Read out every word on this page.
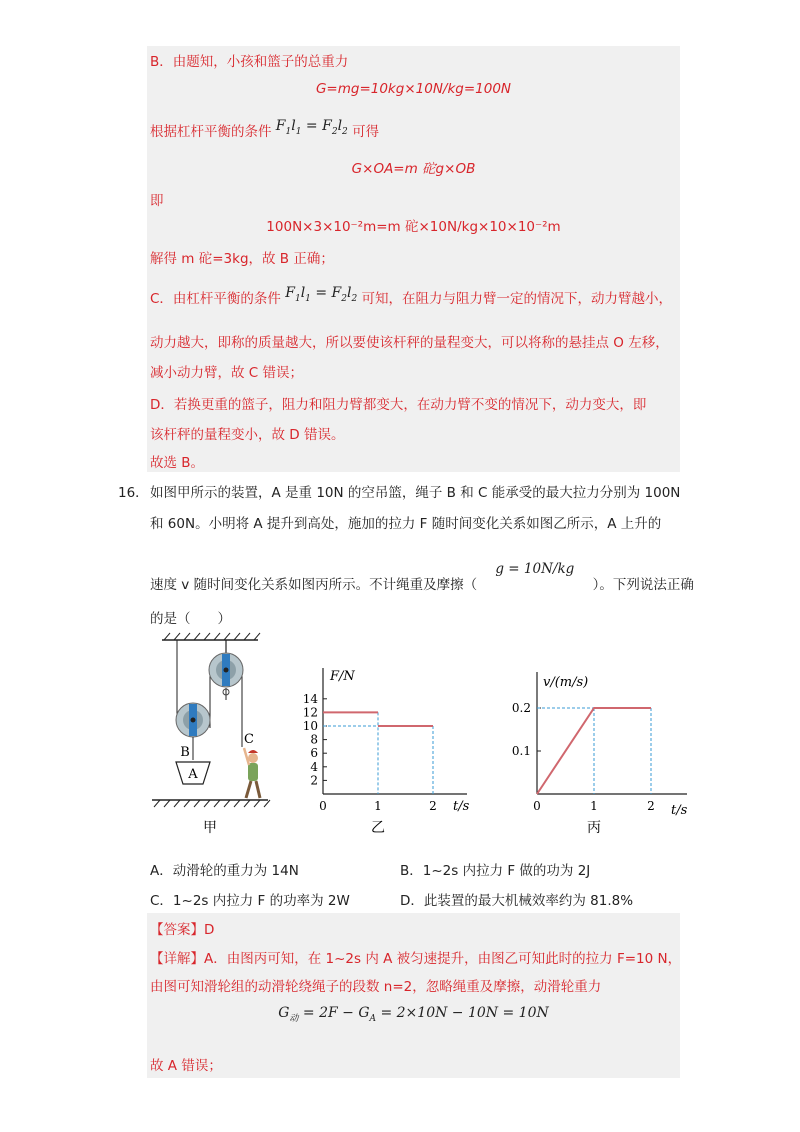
B．由题知，小孩和篮子的总重力
G=mg=10kg×10N/kg=100N
根据杠杆平衡的条件 $F_1l_1 = F_2l_2$ 可得
G×OA=m 砣g×OB
即
100N×3×10⁻²m=m 砣×10N/kg×10×10⁻²m
解得 m 砣=3kg，故 B 正确；
C．由杠杆平衡的条件 $F_1l_1 = F_2l_2$ 可知，在阻力与阻力臂一定的情况下，动力臂越小，
动力越大，即称的质量越大，所以要使该杆秤的量程变大，可以将称的悬挂点 O 左移，
减小动力臂，故 C 错误；
D．若换更重的篮子，阻力和阻力臂都变大，在动力臂不变的情况下，动力变大，即
该杆秤的量程变小，故 D 错误。
故选 B。
16． 如图甲所示的装置，A 是重 10N 的空吊篮，绳子 B 和 C 能承受的最大拉力分别为 100N
和 60N。小明将 A 提升到高处，施加的拉力 F 随时间变化关系如图乙所示，A 上升的
速度 v 随时间变化关系如图丙所示。不计绳重及摩擦（ g = 10N/kg ）。下列说法正确
的是（　　）
A
B
C
甲
F/N
t/s
2
4
6
8
10
12
14
0	1	2
乙
v/(m/s)
t/s
0.1
0.2
0	1	2
丙
A．动滑轮的重力为 14N	B．1~2s 内拉力 F 做的功为 2J
C．1~2s 内拉力 F 的功率为 2W	D．此装置的最大机械效率约为 81.8%
【答案】D
【详解】A．由图丙可知，在 1~2s 内 A 被匀速提升，由图乙可知此时的拉力 F=10 N，
由图可知滑轮组的动滑轮绕绳子的段数 n=2，忽略绳重及摩擦，动滑轮重力
$G_动 = 2F - G_A = 2\times 10N - 10N = 10N$
故 A 错误；
